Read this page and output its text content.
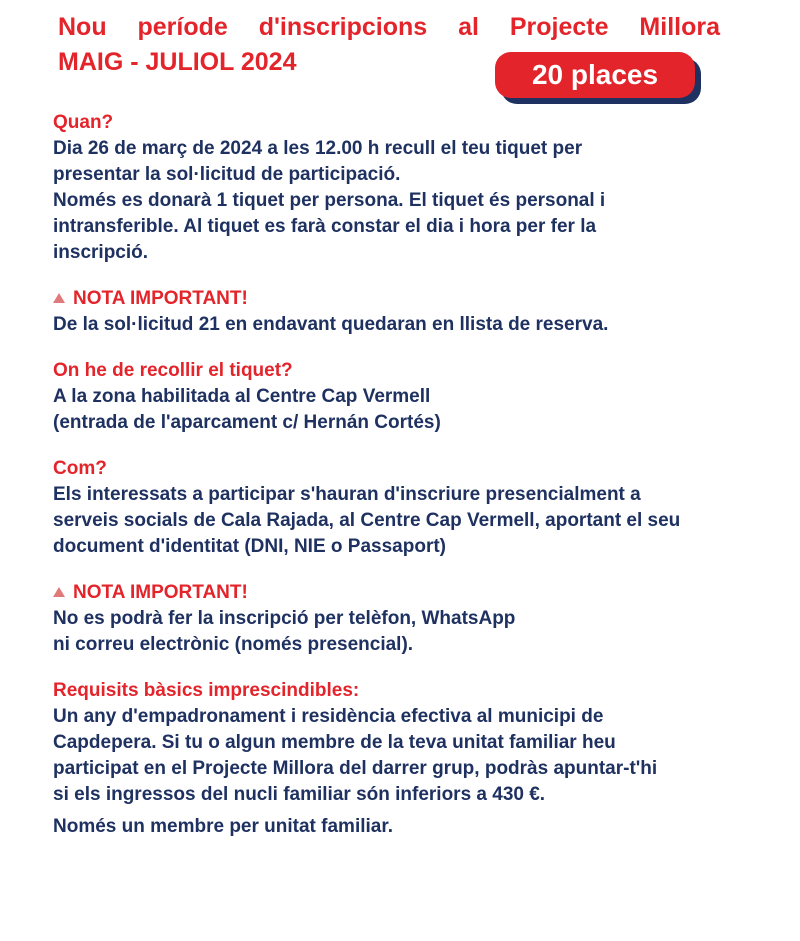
Nou període d'inscripcions al Projecte Millora
MAIG - JULIOL 2024	20 places
Quan?
Dia 26 de març de 2024 a les 12.00 h recull el teu tiquet per
presentar la sol·licitud de participació.
Només es donarà 1 tiquet per persona. El tiquet és personal i
intransferible. Al tiquet es farà constar el dia i hora per fer la
inscripció.
NOTA IMPORTANT!
De la sol·licitud 21 en endavant quedaran en llista de reserva.
On he de recollir el tiquet?
A la zona habilitada al Centre Cap Vermell
(entrada de l'aparcament c/ Hernán Cortés)
Com?
Els interessats a participar s'hauran d'inscriure presencialment a
serveis socials de Cala Rajada, al Centre Cap Vermell, aportant el seu
document d'identitat (DNI, NIE o Passaport)
NOTA IMPORTANT!
No es podrà fer la inscripció per telèfon, WhatsApp
ni correu electrònic (només presencial).
Requisits bàsics imprescindibles:
Un any d'empadronament i residència efectiva al municipi de
Capdepera. Si tu o algun membre de la teva unitat familiar heu
participat en el Projecte Millora del darrer grup, podràs apuntar-t'hi
si els ingressos del nucli familiar són inferiors a 430 €.
Només un membre per unitat familiar.
